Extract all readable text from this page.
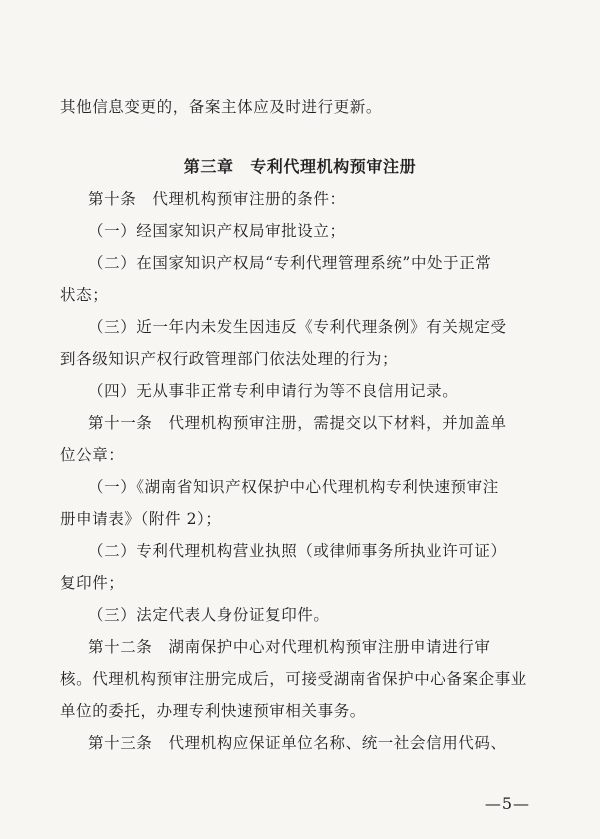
其他信息变更的，备案主体应及时进行更新。
第三章　专利代理机构预审注册
第十条　代理机构预审注册的条件：
（一）经国家知识产权局审批设立；
（二）在国家知识产权局“专利代理管理系统”中处于正常
状态；
（三）近一年内未发生因违反《专利代理条例》有关规定受
到各级知识产权行政管理部门依法处理的行为；
（四）无从事非正常专利申请行为等不良信用记录。
第十一条　代理机构预审注册，需提交以下材料，并加盖单
位公章：
（一）《湖南省知识产权保护中心代理机构专利快速预审注
册申请表》（附件 2）；
（二）专利代理机构营业执照（或律师事务所执业许可证）
复印件；
（三）法定代表人身份证复印件。
第十二条　湖南保护中心对代理机构预审注册申请进行审
核。代理机构预审注册完成后，可接受湖南省保护中心备案企事业
单位的委托，办理专利快速预审相关事务。
第十三条　代理机构应保证单位名称、统一社会信用代码、
—5—
